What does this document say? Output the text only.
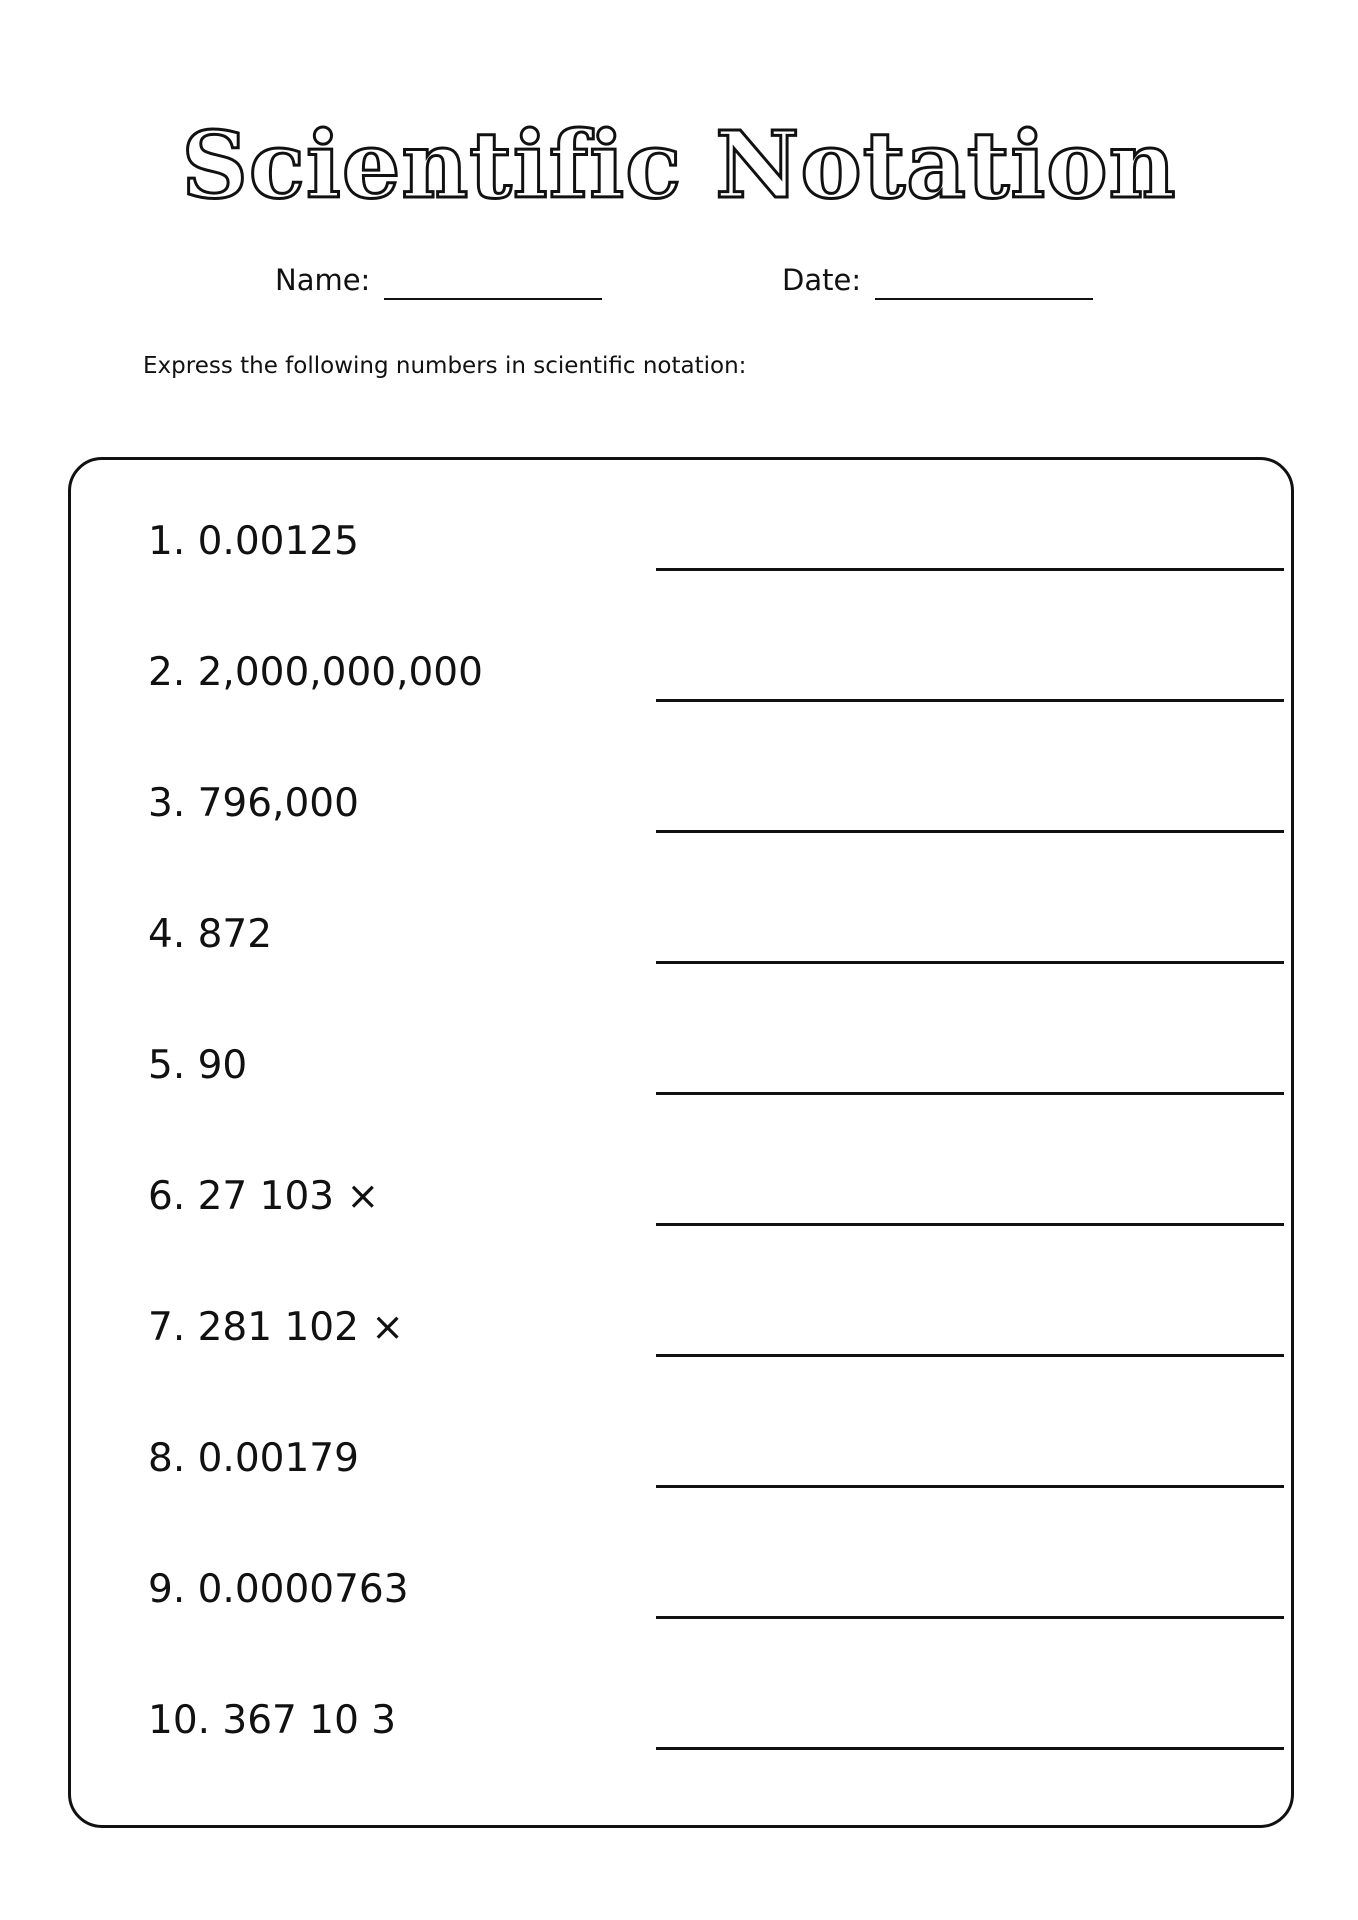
Scientific Notation
Name:	Date:

Express the following numbers in scientific notation:

1. 0.00125
2. 2,000,000,000
3. 796,000
4. 872
5. 90
6. 27 103 ×
7. 281 102 ×
8. 0.00179
9. 0.0000763
10. 367 10 3
